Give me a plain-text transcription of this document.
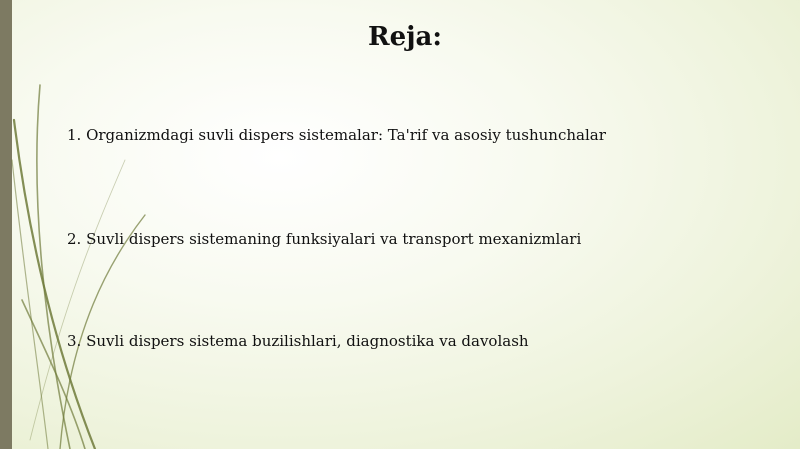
Reja:
1. Organizmdagi suvli dispers sistemalar: Ta'rif va asosiy tushunchalar
2. Suvli dispers sistemaning funksiyalari va transport mexanizmlari
3. Suvli dispers sistema buzilishlari, diagnostika va davolash
